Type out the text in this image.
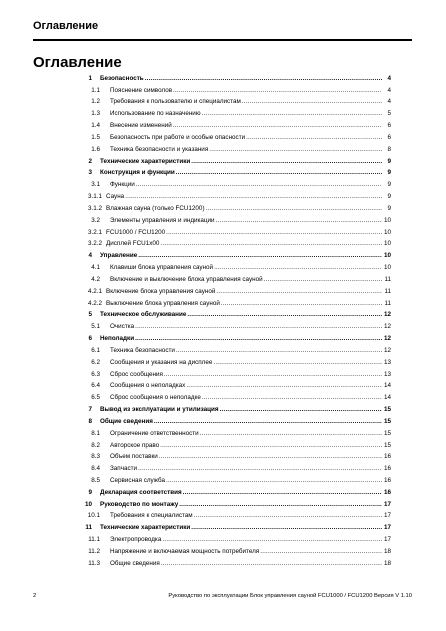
Оглавление
Оглавление
1	Безопасность .....	4
1.1	Пояснение символов .....	4
1.2	Требования к пользователю и специалистам .....	4
1.3	Использование по назначению .....	5
1.4	Внесение изменений .....	6
1.5	Безопасность при работе и особые опасности .....	6
1.6	Техника безопасности и указания .....	8
2	Технические характеристики .....	9
3	Конструкция и функции .....	9
3.1	Функции .....	9
3.1.1 Сауна .....	9
3.1.2 Влажная сауна (только FCU1200) .....	9
3.2	Элементы управления и индикации .....	10
3.2.1 FCU1000 / FCU1200 .....	10
3.2.2 Дисплей FCU1x00 .....	10
4	Управление .....	10
4.1	Клавиши блока управления сауной .....	10
4.2	Включение и выключение блока управления сауной .....	11
4.2.1 Включение блока управления сауной .....	11
4.2.2 Выключение блока управления сауной .....	11
5	Техническое обслуживание .....	12
5.1	Очистка .....	12
6	Неполадки .....	12
6.1	Техника безопасности .....	12
6.2	Сообщения и указания на дисплее .....	13
6.3	Сброс сообщения .....	13
6.4	Сообщения о неполадках .....	14
6.5	Сброс сообщения о неполадке .....	14
7	Вывод из эксплуатации и утилизация .....	15
8	Общие сведения .....	15
8.1	Ограничение ответственности .....	15
8.2	Авторское право .....	15
8.3	Объем поставки .....	16
8.4	Запчасти .....	16
8.5	Сервисная служба .....	16
9	Декларация соответствия .....	16
10	Руководство по монтажу .....	17
10.1	Требования к специалистам .....	17
11	Технические характеристики .....	17
11.1	Электропроводка .....	17
11.2	Напряжение и включаемая мощность потребителя .....	18
11.3	Общие сведения .....	18
2	Руководство по эксплуатации Блок управления сауной FCU1000 / FCU1200 Версия V 1.10
